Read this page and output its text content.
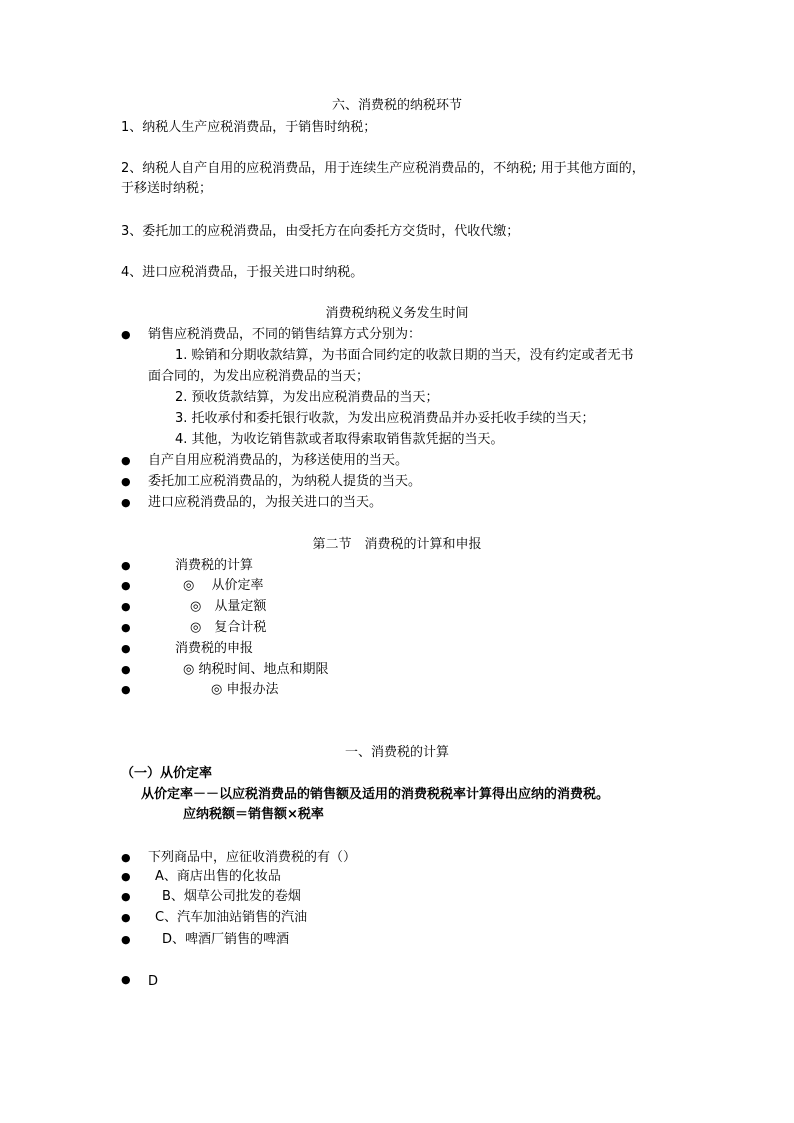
六、消费税的纳税环节
1、纳税人生产应税消费品，于销售时纳税；
2、纳税人自产自用的应税消费品，用于连续生产应税消费品的，不纳税; 用于其他方面的，
于移送时纳税；
3、委托加工的应税消费品，由受托方在向委托方交货时，代收代缴；
4、进口应税消费品，于报关进口时纳税。
消费税纳税义务发生时间
● 销售应税消费品，不同的销售结算方式分别为：
1. 赊销和分期收款结算，为书面合同约定的收款日期的当天，没有约定或者无书
面合同的，为发出应税消费品的当天；
2. 预收货款结算，为发出应税消费品的当天；
3. 托收承付和委托银行收款，为发出应税消费品并办妥托收手续的当天；
4. 其他，为收讫销售款或者取得索取销售款凭据的当天。
● 自产自用应税消费品的，为移送使用的当天。
● 委托加工应税消费品的，为纳税人提货的当天。
● 进口应税消费品的，为报关进口的当天。
第二节　消费税的计算和申报
●	消费税的计算
●	◎　 从价定率
●	◎　从量定额
●	◎　复合计税
●	消费税的申报
●	◎ 纳税时间、地点和期限
●	◎ 申报办法
一、消费税的计算
（一）从价定率
从价定率－－以应税消费品的销售额及适用的消费税税率计算得出应纳的消费税。
应纳税额＝销售额×税率
● 下列商品中，应征收消费税的有（）
● A、商店出售的化妆品
● B、烟草公司批发的卷烟
● C、汽车加油站销售的汽油
● D、啤酒厂销售的啤酒
● D
